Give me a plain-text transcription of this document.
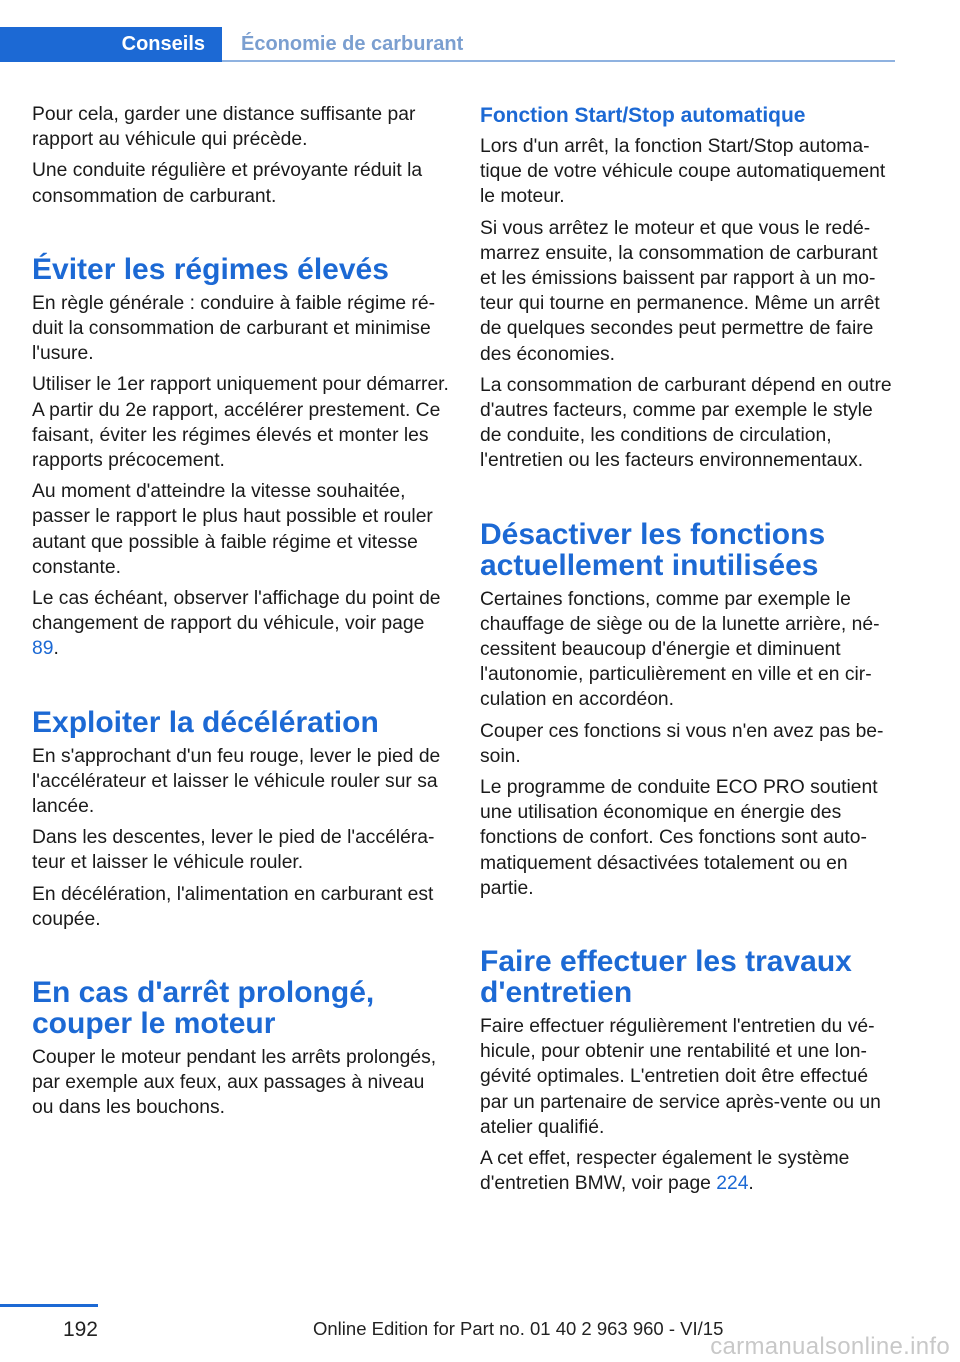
Conseils Économie de carburant

Pour cela, garder une distance suffisante par rapport au véhicule qui précède.

Une conduite régulière et prévoyante réduit la consommation de carburant.

Éviter les régimes élevés

En règle générale : conduire à faible régime réduit la consommation de carburant et minimise l'usure.

Utiliser le 1er rapport uniquement pour démarrer. A partir du 2e rapport, accélérer prestement. Ce faisant, éviter les régimes élevés et monter les rapports précocement.

Au moment d'atteindre la vitesse souhaitée, passer le rapport le plus haut possible et rouler autant que possible à faible régime et vitesse constante.

Le cas échéant, observer l'affichage du point de changement de rapport du véhicule, voir page 89.

Exploiter la décélération

En s'approchant d'un feu rouge, lever le pied de l'accélérateur et laisser le véhicule rouler sur sa lancée.

Dans les descentes, lever le pied de l'accélérateur et laisser le véhicule rouler.

En décélération, l'alimentation en carburant est coupée.

En cas d'arrêt prolongé, couper le moteur

Couper le moteur pendant les arrêts prolongés, par exemple aux feux, aux passages à niveau ou dans les bouchons.

Fonction Start/Stop automatique

Lors d'un arrêt, la fonction Start/Stop automatique de votre véhicule coupe automatiquement le moteur.

Si vous arrêtez le moteur et que vous le redémarrez ensuite, la consommation de carburant et les émissions baissent par rapport à un moteur qui tourne en permanence. Même un arrêt de quelques secondes peut permettre de faire des économies.

La consommation de carburant dépend en outre d'autres facteurs, comme par exemple le style de conduite, les conditions de circulation, l'entretien ou les facteurs environnementaux.

Désactiver les fonctions actuellement inutilisées

Certaines fonctions, comme par exemple le chauffage de siège ou de la lunette arrière, nécessitent beaucoup d'énergie et diminuent l'autonomie, particulièrement en ville et en circulation en accordéon.

Couper ces fonctions si vous n'en avez pas besoin.

Le programme de conduite ECO PRO soutient une utilisation économique en énergie des fonctions de confort. Ces fonctions sont automatiquement désactivées totalement ou en partie.

Faire effectuer les travaux d'entretien

Faire effectuer régulièrement l'entretien du véhicule, pour obtenir une rentabilité et une longévité optimales. L'entretien doit être effectué par un partenaire de service après-vente ou un atelier qualifié.

A cet effet, respecter également le système d'entretien BMW, voir page 224.

192	Online Edition for Part no. 01 40 2 963 960 - VI/15
carmanualsonline.info
